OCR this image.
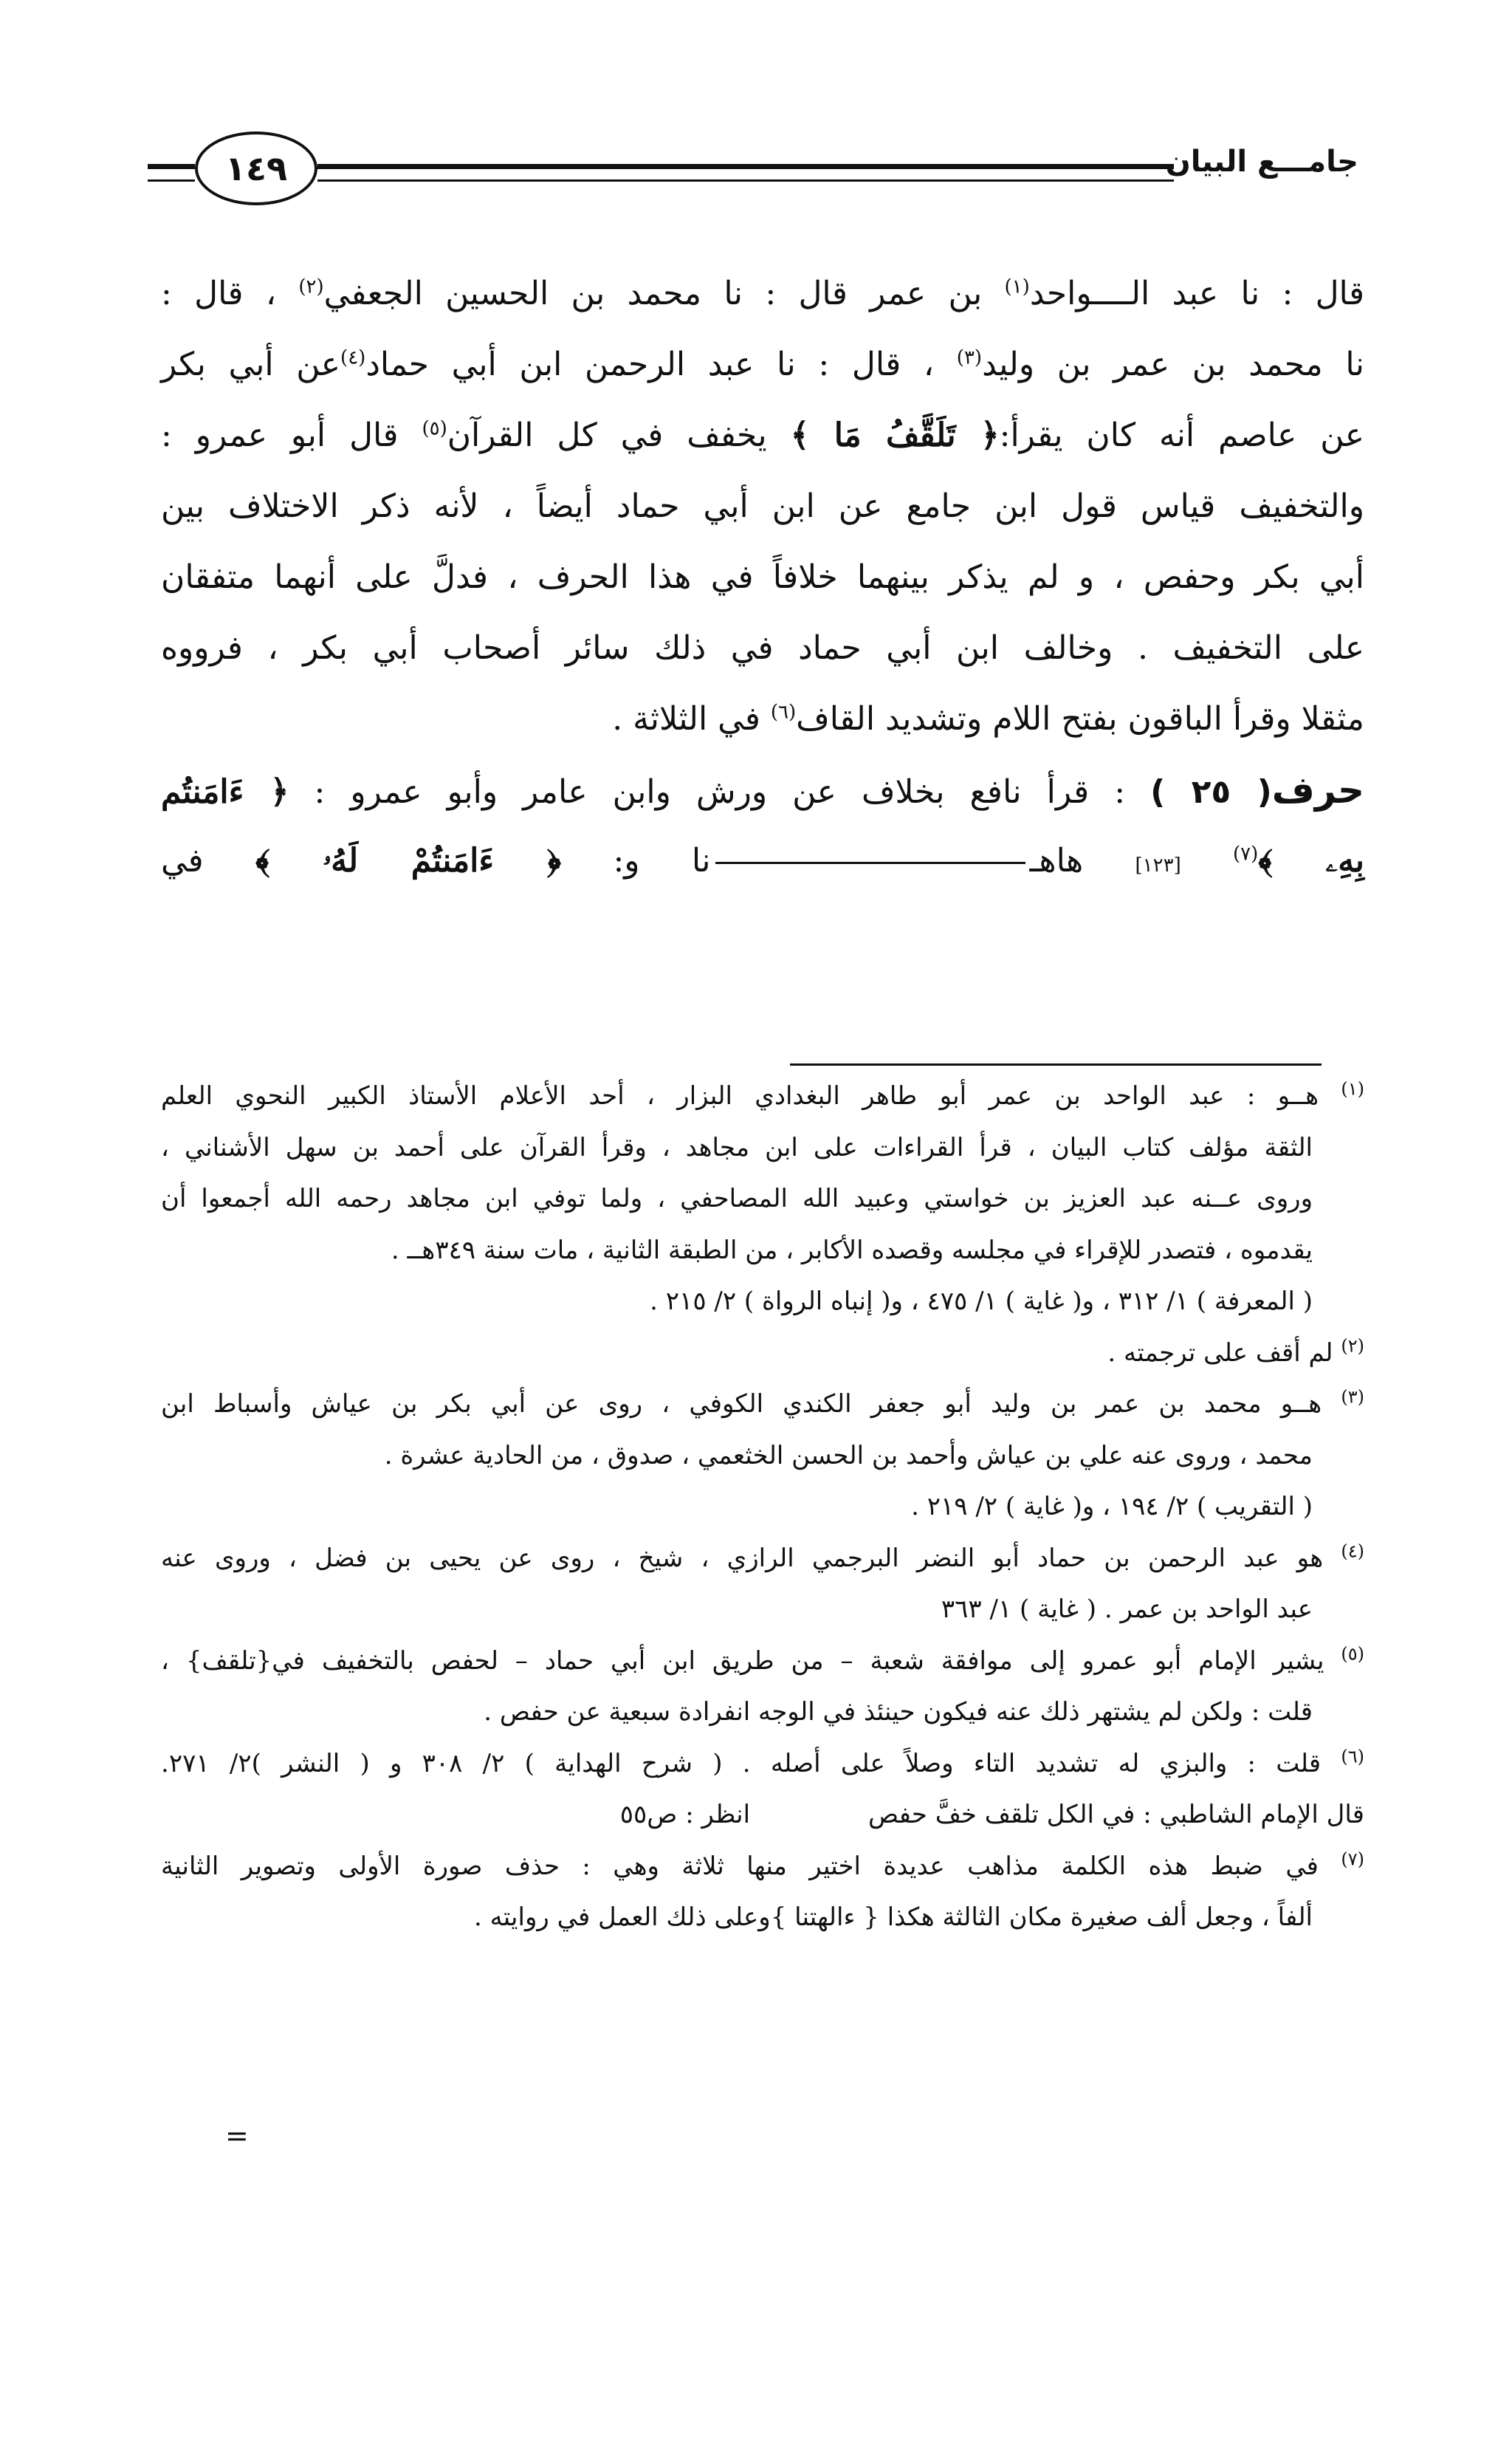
١٤٩	جامـــع البيان
قال : نا عبد الــــواحد$^{(١)}$ بن عمر قال : نا محمد بن الحسين الجعفي$^{(٢)}$ ، قال :
نا محمد بن عمر بن وليد$^{(٣)}$ ، قال : نا عبد الرحمن ابن أبي حماد$^{(٤)}$عن أبي بكر
عن عاصم أنه كان يقرأ:﴿ تَلَقَّفُ مَا ﴾ يخفف في كل القرآن$^{(٥)}$ قال أبو عمرو :
والتخفيف قياس قول ابن جامع عن ابن أبي حماد أيضاً ، لأنه ذكر الاختلاف بين
أبي بكر وحفص ، و لم يذكر بينهما خلافاً في هذا الحرف ، فدلَّ على أنهما متفقان
على التخفيف . وخالف ابن أبي حماد في ذلك سائر أصحاب أبي بكر ، فرووه
مثقلا وقرأ الباقون بفتح اللام وتشديد القاف$^{(٦)}$ في الثلاثة .
حرف( ٢٥ ) : قرأ نافع بخلاف عن ورش وابن عامر وأبو عمرو : ﴿ ءَامَنتُم
بِهِۦ ﴾$^{(٧)}$ [١٢٣] هاهـنا و: ﴿ ءَامَنتُمْ لَهُۥ ﴾ في
$^{(١)}$ هــو : عبد الواحد بن عمر أبو طاهر البغدادي البزار ، أحد الأعلام الأستاذ الكبير النحوي العلم
الثقة مؤلف كتاب البيان ، قرأ القراءات على ابن مجاهد ، وقرأ القرآن على أحمد بن سهل الأشناني ،
وروى عــنه عبد العزيز بن خواستي وعبيد الله المصاحفي ، ولما توفي ابن مجاهد رحمه الله أجمعوا أن
يقدموه ، فتصدر للإقراء في مجلسه وقصده الأكابر ، من الطبقة الثانية ، مات سنة ٣٤٩هــ .
( المعرفة ) ١/ ٣١٢ ، و( غاية ) ١/ ٤٧٥ ، و( إنباه الرواة ) ٢/ ٢١٥ .
$^{(٢)}$ لم أقف على ترجمته .
$^{(٣)}$ هــو محمد بن عمر بن وليد أبو جعفر الكندي الكوفي ، روى عن أبي بكر بن عياش وأسباط ابن
محمد ، وروى عنه علي بن عياش وأحمد بن الحسن الخثعمي ، صدوق ، من الحادية عشرة .
( التقريب ) ٢/ ١٩٤ ، و( غاية ) ٢/ ٢١٩ .
$^{(٤)}$ هو عبد الرحمن بن حماد أبو النضر البرجمي الرازي ، شيخ ، روى عن يحيى بن فضل ، وروى عنه
عبد الواحد بن عمر . ( غاية ) ١/ ٣٦٣
$^{(٥)}$ يشير الإمام أبو عمرو إلى موافقة شعبة – من طريق ابن أبي حماد – لحفص بالتخفيف في{تلقف} ،
قلت : ولكن لم يشتهر ذلك عنه فيكون حينئذ في الوجه انفرادة سبعية عن حفص .
$^{(٦)}$ قلت : والبزي له تشديد التاء وصلاً على أصله . ( شرح الهداية ) ٢/ ٣٠٨ و ( النشر )٢/ ٢٧١.
قال الإمام الشاطبي : في الكل تلقف خفَّ حفص
انظر : ص٥٥
$^{(٧)}$ في ضبط هذه الكلمة مذاهب عديدة اختير منها ثلاثة وهي : حذف صورة الأولى وتصوير الثانية
ألفاً ، وجعل ألف صغيرة مكان الثالثة هكذا { ءالهتنا }وعلى ذلك العمل في روايته .
=
